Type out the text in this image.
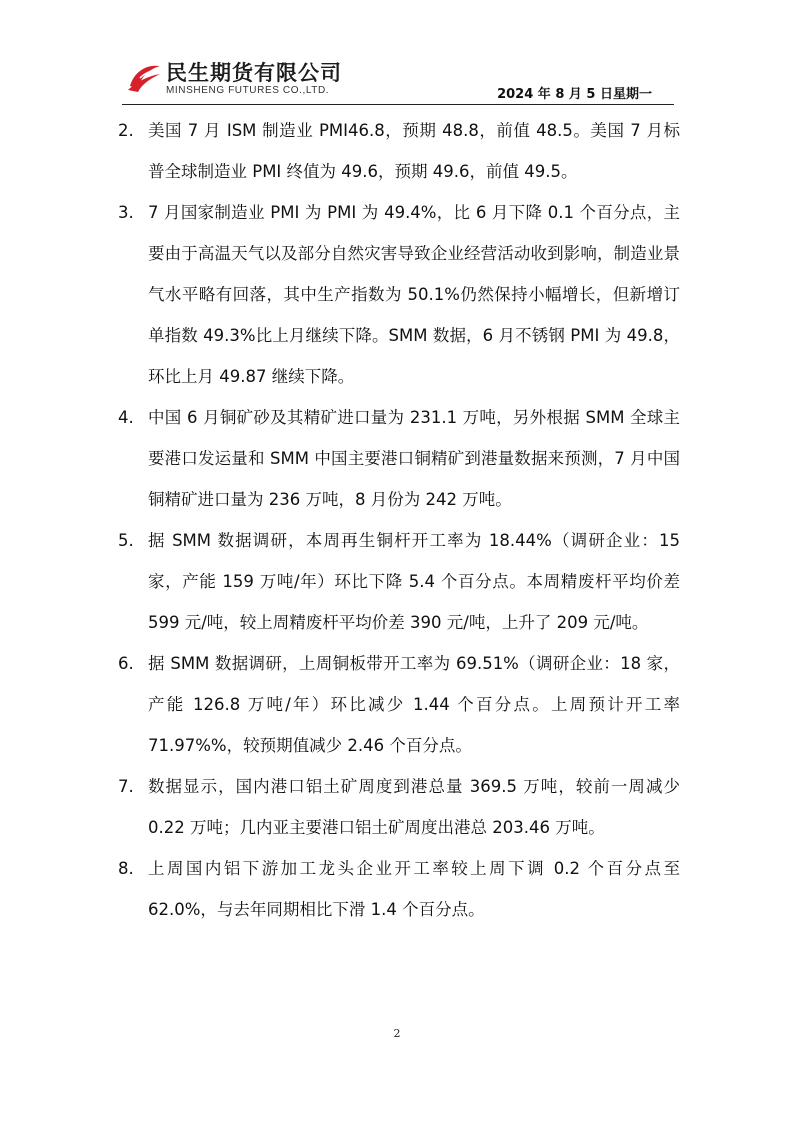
民生期货有限公司
MINSHENG FUTURES CO.,LTD.	2024 年 8 月 5 日星期一
2. 美国 7 月 ISM 制造业 PMI46.8，预期 48.8，前值 48.5。美国 7 月标普全球制造业 PMI 终值为 49.6，预期 49.6，前值 49.5。
3. 7 月国家制造业 PMI 为 PMI 为 49.4%，比 6 月下降 0.1 个百分点，主要由于高温天气以及部分自然灾害导致企业经营活动收到影响，制造业景气水平略有回落，其中生产指数为 50.1%仍然保持小幅增长，但新增订单指数 49.3%比上月继续下降。SMM 数据，6 月不锈钢 PMI 为 49.8，环比上月 49.87 继续下降。
4. 中国 6 月铜矿砂及其精矿进口量为 231.1 万吨，另外根据 SMM 全球主要港口发运量和 SMM 中国主要港口铜精矿到港量数据来预测，7 月中国铜精矿进口量为 236 万吨，8 月份为 242 万吨。
5. 据 SMM 数据调研，本周再生铜杆开工率为 18.44%（调研企业：15 家，产能 159 万吨/年）环比下降 5.4 个百分点。本周精废杆平均价差 599 元/吨，较上周精废杆平均价差 390 元/吨，上升了 209 元/吨。
6. 据 SMM 数据调研，上周铜板带开工率为 69.51%（调研企业：18 家，产能 126.8 万吨/年）环比减少 1.44 个百分点。上周预计开工率 71.97%%，较预期值减少 2.46 个百分点。
7. 数据显示，国内港口铝土矿周度到港总量 369.5 万吨，较前一周减少 0.22 万吨；几内亚主要港口铝土矿周度出港总 203.46 万吨。
8. 上周国内铝下游加工龙头企业开工率较上周下调 0.2 个百分点至 62.0%，与去年同期相比下滑 1.4 个百分点。
2
